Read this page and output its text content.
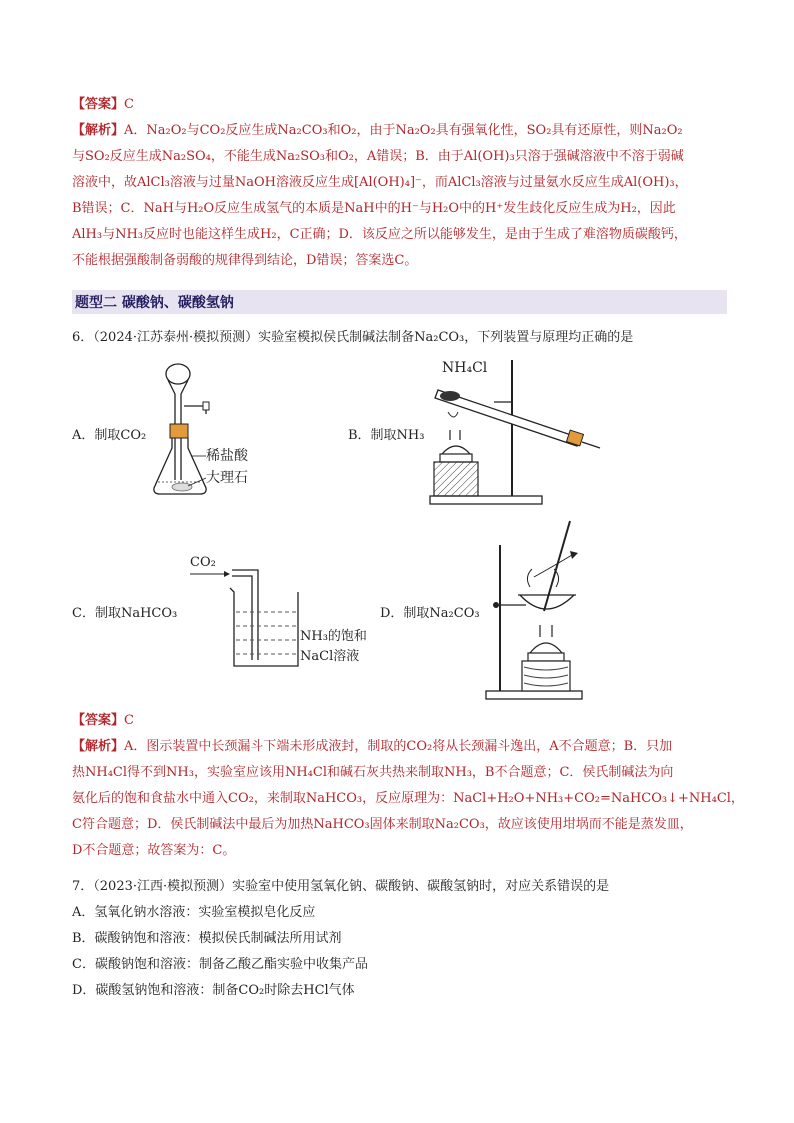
【答案】C
【解析】A．Na₂O₂与CO₂反应生成Na₂CO₃和O₂，由于Na₂O₂具有强氧化性，SO₂具有还原性，则Na₂O₂
与SO₂反应生成Na₂SO₄，不能生成Na₂SO₃和O₂，A错误；B．由于Al(OH)₃只溶于强碱溶液中不溶于弱碱
溶液中，故AlCl₃溶液与过量NaOH溶液反应生成[Al(OH)₄]⁻，而AlCl₃溶液与过量氨水反应生成Al(OH)₃，
B错误；C．NaH与H₂O反应生成氢气的本质是NaH中的H⁻与H₂O中的H⁺发生歧化反应生成为H₂，因此
AlH₃与NH₃反应时也能这样生成H₂，C正确；D．该反应之所以能够发生，是由于生成了难溶物质碳酸钙，
不能根据强酸制备弱酸的规律得到结论，D错误；答案选C。
题型二 碳酸钠、碳酸氢钠
6．（2024·江苏泰州·模拟预测）实验室模拟侯氏制碱法制备Na₂CO₃，下列装置与原理均正确的是
A．制取CO₂	B．制取NH₃
C．制取NaHCO₃	D．制取Na₂CO₃
稀盐酸
大理石
NH₄Cl
CO₂
NH₃的饱和
NaCl溶液
【答案】C
【解析】A．图示装置中长颈漏斗下端未形成液封，制取的CO₂将从长颈漏斗逸出，A不合题意；B．只加
热NH₄Cl得不到NH₃，实验室应该用NH₄Cl和碱石灰共热来制取NH₃，B不合题意；C．侯氏制碱法为向
氨化后的饱和食盐水中通入CO₂，来制取NaHCO₃，反应原理为：NaCl+H₂O+NH₃+CO₂=NaHCO₃↓+NH₄Cl，
C符合题意；D．侯氏制碱法中最后为加热NaHCO₃固体来制取Na₂CO₃，故应该使用坩埚而不能是蒸发皿，
D不合题意；故答案为：C。
7．（2023·江西·模拟预测）实验室中使用氢氧化钠、碳酸钠、碳酸氢钠时，对应关系错误的是
A．氢氧化钠水溶液：实验室模拟皂化反应
B．碳酸钠饱和溶液：模拟侯氏制碱法所用试剂
C．碳酸钠饱和溶液：制备乙酸乙酯实验中收集产品
D．碳酸氢钠饱和溶液：制备CO₂时除去HCl气体
